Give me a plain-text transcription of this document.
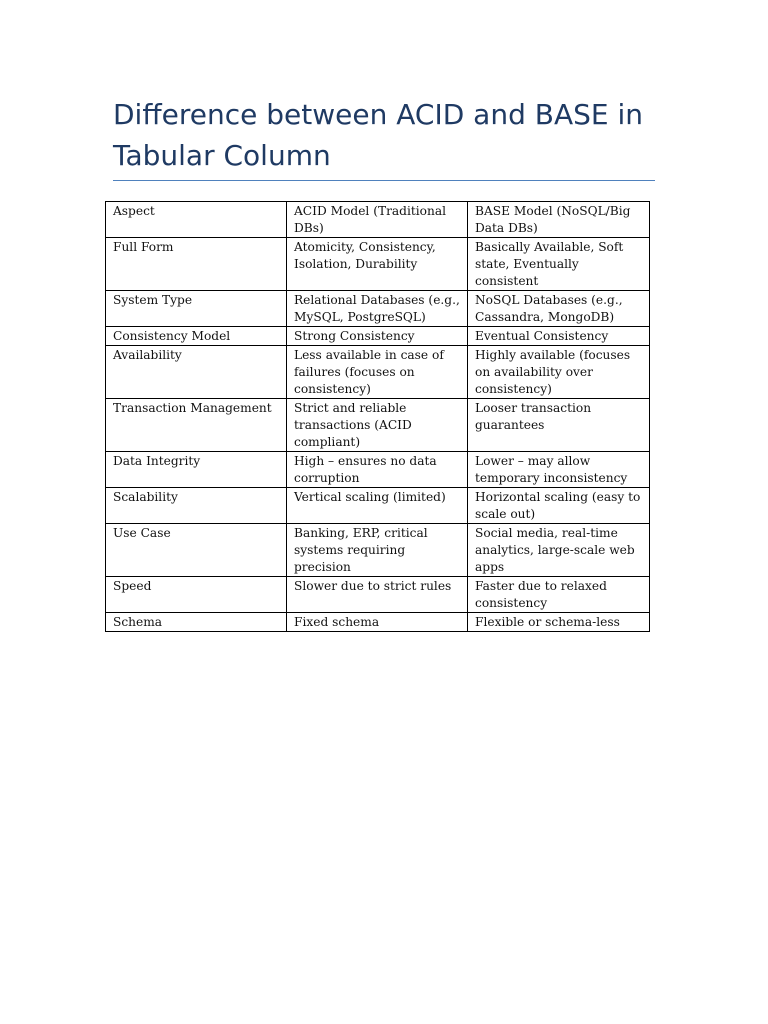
Difference between ACID and BASE in Tabular Column
Aspect	ACID Model (Traditional DBs)	BASE Model (NoSQL/Big Data DBs)
Full Form	Atomicity, Consistency, Isolation, Durability	Basically Available, Soft state, Eventually consistent
System Type	Relational Databases (e.g., MySQL, PostgreSQL)	NoSQL Databases (e.g., Cassandra, MongoDB)
Consistency Model	Strong Consistency	Eventual Consistency
Availability	Less available in case of failures (focuses on consistency)	Highly available (focuses on availability over consistency)
Transaction Management	Strict and reliable transactions (ACID compliant)	Looser transaction guarantees
Data Integrity	High – ensures no data corruption	Lower – may allow temporary inconsistency
Scalability	Vertical scaling (limited)	Horizontal scaling (easy to scale out)
Use Case	Banking, ERP, critical systems requiring precision	Social media, real-time analytics, large-scale web apps
Speed	Slower due to strict rules	Faster due to relaxed consistency
Schema	Fixed schema	Flexible or schema-less
